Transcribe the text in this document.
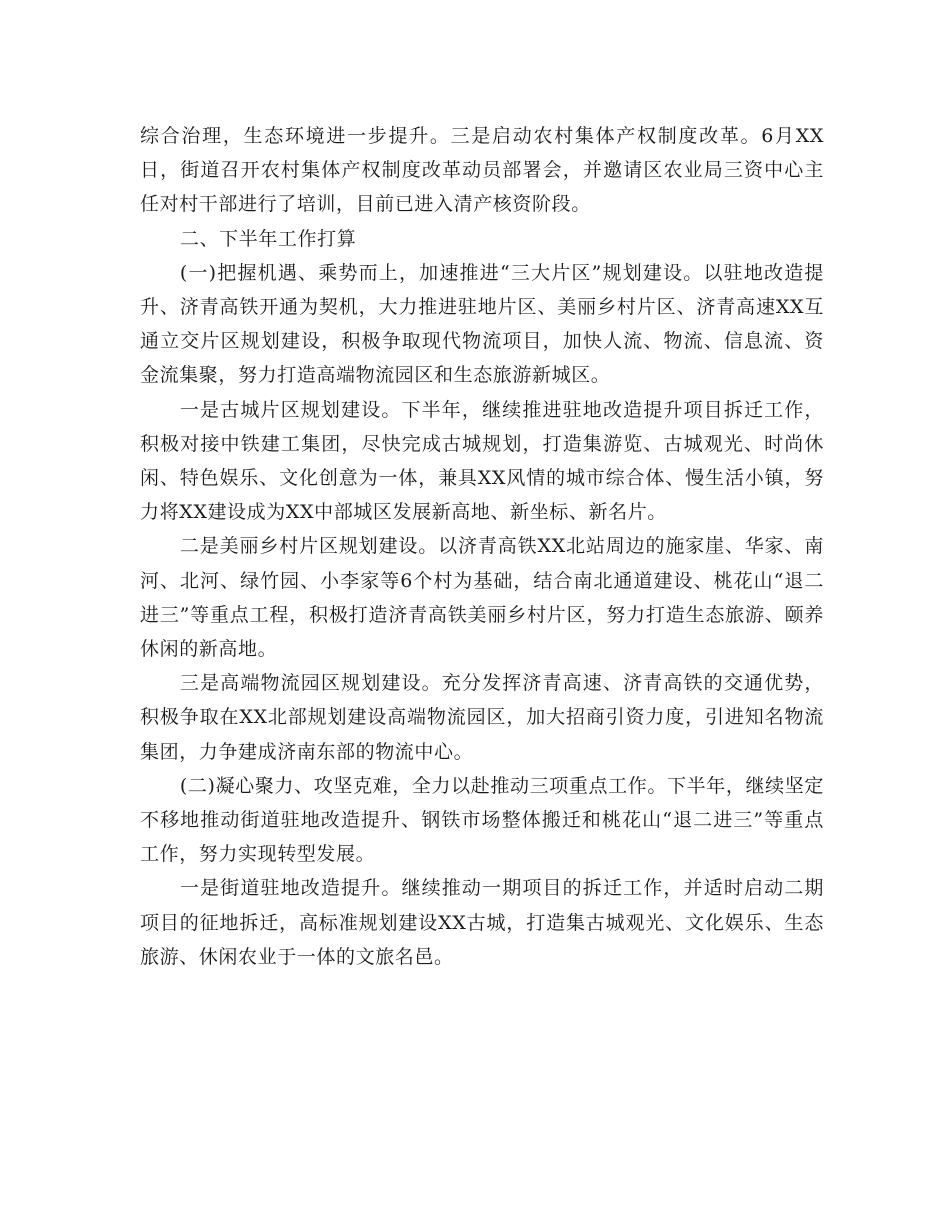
综合治理，生态环境进一步提升。三是启动农村集体产权制度改革。6月XX日，街道召开农村集体产权制度改革动员部署会，并邀请区农业局三资中心主任对村干部进行了培训，目前已进入清产核资阶段。

二、下半年工作打算

(一)把握机遇、乘势而上，加速推进“三大片区”规划建设。以驻地改造提升、济青高铁开通为契机，大力推进驻地片区、美丽乡村片区、济青高速XX互通立交片区规划建设，积极争取现代物流项目，加快人流、物流、信息流、资金流集聚，努力打造高端物流园区和生态旅游新城区。

一是古城片区规划建设。下半年，继续推进驻地改造提升项目拆迁工作，积极对接中铁建工集团，尽快完成古城规划，打造集游览、古城观光、时尚休闲、特色娱乐、文化创意为一体，兼具XX风情的城市综合体、慢生活小镇，努力将XX建设成为XX中部城区发展新高地、新坐标、新名片。

二是美丽乡村片区规划建设。以济青高铁XX北站周边的施家崖、华家、南河、北河、绿竹园、小李家等6个村为基础，结合南北通道建设、桃花山“退二进三”等重点工程，积极打造济青高铁美丽乡村片区，努力打造生态旅游、颐养休闲的新高地。

三是高端物流园区规划建设。充分发挥济青高速、济青高铁的交通优势，积极争取在XX北部规划建设高端物流园区，加大招商引资力度，引进知名物流集团，力争建成济南东部的物流中心。

(二)凝心聚力、攻坚克难，全力以赴推动三项重点工作。下半年，继续坚定不移地推动街道驻地改造提升、钢铁市场整体搬迁和桃花山“退二进三”等重点工作，努力实现转型发展。

一是街道驻地改造提升。继续推动一期项目的拆迁工作，并适时启动二期项目的征地拆迁，高标准规划建设XX古城，打造集古城观光、文化娱乐、生态旅游、休闲农业于一体的文旅名邑。
